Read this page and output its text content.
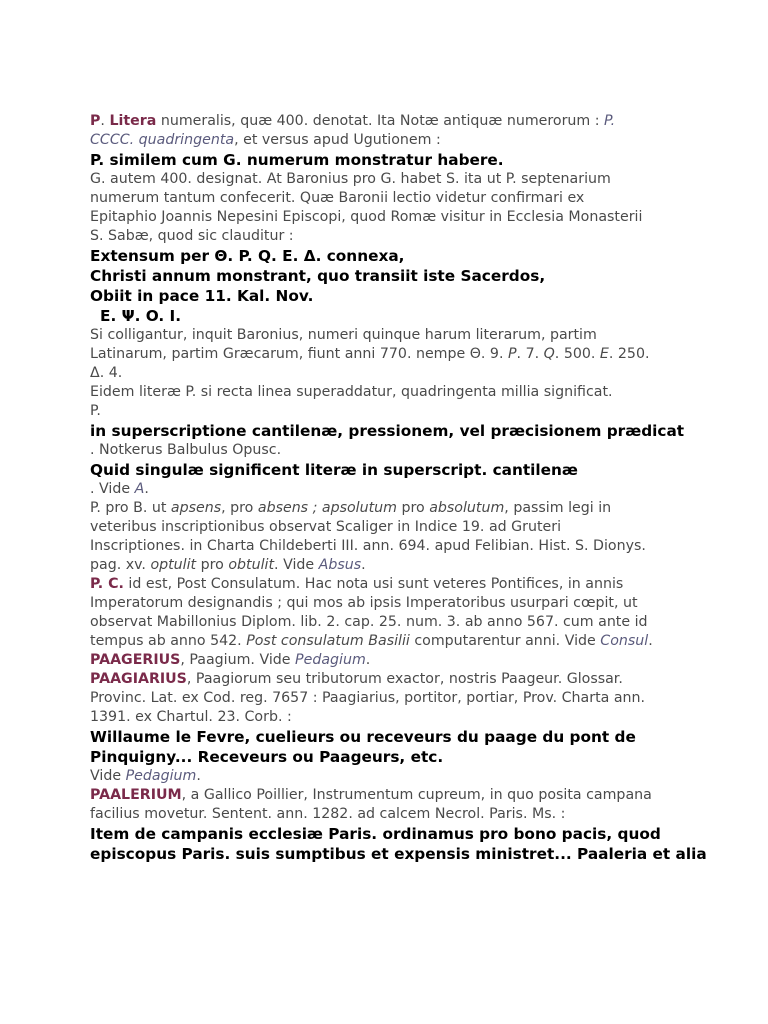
P. Litera numeralis, quæ 400. denotat. Ita Notæ antiquæ numerorum : P.
CCCC. quadringenta, et versus apud Ugutionem :
P. similem cum G. numerum monstratur habere.
G. autem 400. designat. At Baronius pro G. habet S. ita ut P. septenarium
numerum tantum confecerit. Quæ Baronii lectio videtur confirmari ex
Epitaphio Joannis Nepesini Episcopi, quod Romæ visitur in Ecclesia Monasterii
S. Sabæ, quod sic clauditur :
Extensum per Θ. P. Q. E. Δ. connexa,
Christi annum monstrant, quo transiit iste Sacerdos,
Obiit in pace 11. Kal. Nov.
E. Ψ. O. I.
Si colligantur, inquit Baronius, numeri quinque harum literarum, partim
Latinarum, partim Græcarum, fiunt anni 770. nempe Θ. 9. P. 7. Q. 500. E. 250.
Δ. 4.
Eidem literæ P. si recta linea superaddatur, quadringenta millia significat.
P.
in superscriptione cantilenæ, pressionem, vel præcisionem prædicat
. Notkerus Balbulus Opusc.
Quid singulæ significent literæ in superscript. cantilenæ
. Vide A.
P. pro B. ut apsens, pro absens ; apsolutum pro absolutum, passim legi in
veteribus inscriptionibus observat Scaliger in Indice 19. ad Gruteri
Inscriptiones. in Charta Childeberti III. ann. 694. apud Felibian. Hist. S. Dionys.
pag. xv. optulit pro obtulit. Vide Absus.
P. C. id est, Post Consulatum. Hac nota usi sunt veteres Pontifices, in annis
Imperatorum designandis ; qui mos ab ipsis Imperatoribus usurpari cœpit, ut
observat Mabillonius Diplom. lib. 2. cap. 25. num. 3. ab anno 567. cum ante id
tempus ab anno 542. Post consulatum Basilii computarentur anni. Vide Consul.
PAAGERIUS, Paagium. Vide Pedagium.
PAAGIARIUS, Paagiorum seu tributorum exactor, nostris Paageur. Glossar.
Provinc. Lat. ex Cod. reg. 7657 : Paagiarius, portitor, portiar, Prov. Charta ann.
1391. ex Chartul. 23. Corb. :
Willaume le Fevre, cuelieurs ou receveurs du paage du pont de
Pinquigny... Receveurs ou Paageurs, etc.
Vide Pedagium.
PAALERIUM, a Gallico Poillier, Instrumentum cupreum, in quo posita campana
facilius movetur. Sentent. ann. 1282. ad calcem Necrol. Paris. Ms. :
Item de campanis ecclesiæ Paris. ordinamus pro bono pacis, quod
episcopus Paris. suis sumptibus et expensis ministret... Paaleria et alia
